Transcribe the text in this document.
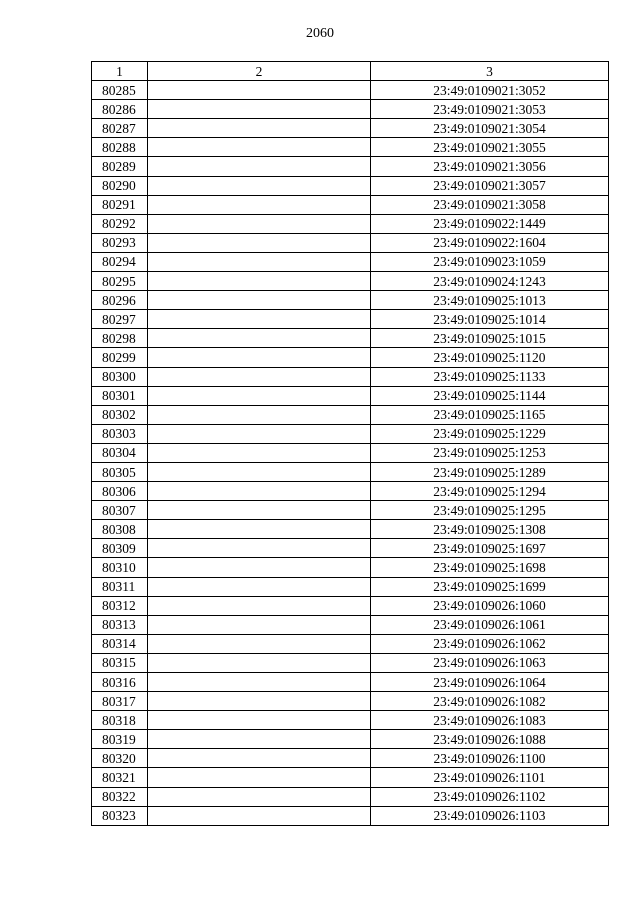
2060
1	2	3
80285		23:49:0109021:3052
80286		23:49:0109021:3053
80287		23:49:0109021:3054
80288		23:49:0109021:3055
80289		23:49:0109021:3056
80290		23:49:0109021:3057
80291		23:49:0109021:3058
80292		23:49:0109022:1449
80293		23:49:0109022:1604
80294		23:49:0109023:1059
80295		23:49:0109024:1243
80296		23:49:0109025:1013
80297		23:49:0109025:1014
80298		23:49:0109025:1015
80299		23:49:0109025:1120
80300		23:49:0109025:1133
80301		23:49:0109025:1144
80302		23:49:0109025:1165
80303		23:49:0109025:1229
80304		23:49:0109025:1253
80305		23:49:0109025:1289
80306		23:49:0109025:1294
80307		23:49:0109025:1295
80308		23:49:0109025:1308
80309		23:49:0109025:1697
80310		23:49:0109025:1698
80311		23:49:0109025:1699
80312		23:49:0109026:1060
80313		23:49:0109026:1061
80314		23:49:0109026:1062
80315		23:49:0109026:1063
80316		23:49:0109026:1064
80317		23:49:0109026:1082
80318		23:49:0109026:1083
80319		23:49:0109026:1088
80320		23:49:0109026:1100
80321		23:49:0109026:1101
80322		23:49:0109026:1102
80323		23:49:0109026:1103
